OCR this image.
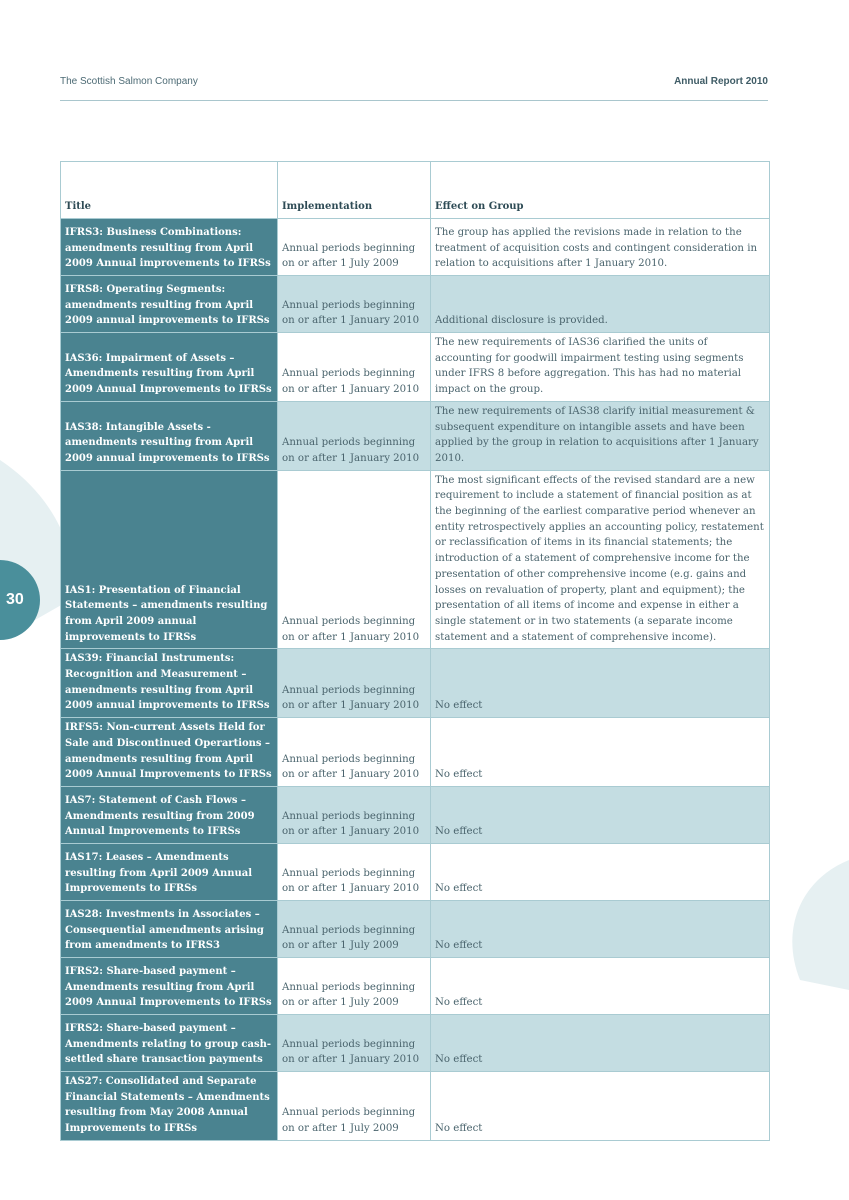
The Scottish Salmon Company	Annual Report 2010
30
Title	Implementation	Effect on Group
IFRS3: Business Combinations: amendments resulting from April 2009 Annual improvements to IFRSs	Annual periods beginning on or after 1 July 2009	The group has applied the revisions made in relation to the treatment of acquisition costs and contingent consideration in relation to acquisitions after 1 January 2010.
IFRS8: Operating Segments: amendments resulting from April 2009 annual improvements to IFRSs	Annual periods beginning on or after 1 January 2010	Additional disclosure is provided.
IAS36: Impairment of Assets – Amendments resulting from April 2009 Annual Improvements to IFRSs	Annual periods beginning on or after 1 January 2010	The new requirements of IAS36 clarified the units of accounting for goodwill impairment testing using segments under IFRS 8 before aggregation. This has had no material impact on the group.
IAS38: Intangible Assets - amendments resulting from April 2009 annual improvements to IFRSs	Annual periods beginning on or after 1 January 2010	The new requirements of IAS38 clarify initial measurement & subsequent expenditure on intangible assets and have been applied by the group in relation to acquisitions after 1 January 2010.
IAS1: Presentation of Financial Statements – amendments resulting from April 2009 annual improvements to IFRSs	Annual periods beginning on or after 1 January 2010	The most significant effects of the revised standard are a new requirement to include a statement of financial position as at the beginning of the earliest comparative period whenever an entity retrospectively applies an accounting policy, restatement or reclassification of items in its financial statements; the introduction of a statement of comprehensive income for the presentation of other comprehensive income (e.g. gains and losses on revaluation of property, plant and equipment); the presentation of all items of income and expense in either a single statement or in two statements (a separate income statement and a statement of comprehensive income).
IAS39: Financial Instruments: Recognition and Measurement – amendments resulting from April 2009 annual improvements to IFRSs	Annual periods beginning on or after 1 January 2010	No effect
IRFS5: Non-current Assets Held for Sale and Discontinued Operartions – amendments resulting from April 2009 Annual Improvements to IFRSs	Annual periods beginning on or after 1 January 2010	No effect
IAS7: Statement of Cash Flows – Amendments resulting from 2009 Annual Improvements to IFRSs	Annual periods beginning on or after 1 January 2010	No effect
IAS17: Leases – Amendments resulting from April 2009 Annual Improvements to IFRSs	Annual periods beginning on or after 1 January 2010	No effect
IAS28: Investments in Associates – Consequential amendments arising from amendments to IFRS3	Annual periods beginning on or after 1 July 2009	No effect
IFRS2: Share-based payment – Amendments resulting from April 2009 Annual Improvements to IFRSs	Annual periods beginning on or after 1 July 2009	No effect
IFRS2: Share-based payment – Amendments relating to group cash-settled share transaction payments	Annual periods beginning on or after 1 January 2010	No effect
IAS27: Consolidated and Separate Financial Statements – Amendments resulting from May 2008 Annual Improvements to IFRSs	Annual periods beginning on or after 1 July 2009	No effect
